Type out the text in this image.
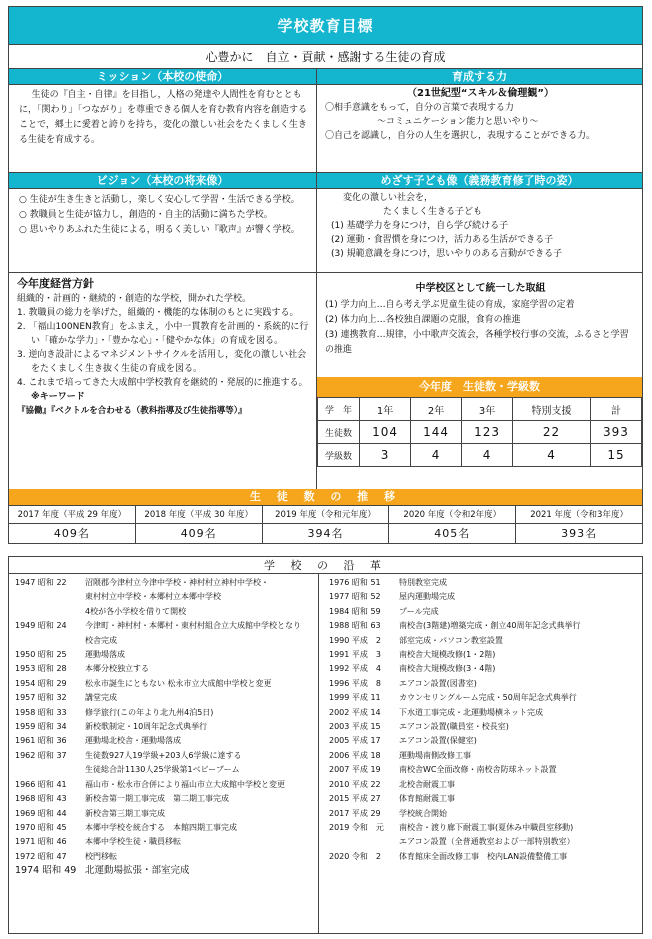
学校教育目標
心豊かに　自立・貢献・感謝する生徒の育成
ミッション（本校の使命）
生徒の『自主・自律』を目指し，人格の発達や人間性を育むとともに，「関わり」「つながり」を尊重できる個人を育む教育内容を創造することで，郷土に愛着と誇りを持ち，変化の激しい社会をたくましく生きる生徒を育成する。
育成する力
（21世紀型“スキル＆倫理観”）
〇相手意識をもって，自分の言葉で表現する力
〜コミュニケーション能力と思いやり〜
〇自己を認識し，自分の人生を選択し，表現することができる力。
ビジョン（本校の将来像）
○ 生徒が生き生きと活動し，楽しく安心して学習・生活できる学校。
○ 教職員と生徒が協力し，創造的・自主的活動に満ちた学校。
○ 思いやりあふれた生徒による，明るく美しい『歌声』が響く学校。
めざす子ども像（義務教育修了時の姿）
変化の激しい社会を，
たくましく生きる子ども
(1) 基礎学力を身につけ，自ら学び続ける子
(2) 運動・食習慣を身につけ，活力ある生活ができる子
(3) 規範意識を身につけ，思いやりのある言動ができる子
今年度経営方針
組織的・計画的・継続的・創造的な学校，開かれた学校。
1. 教職員の総力を挙げた，組織的・機能的な体制のもとに実践する。
2. 「福山100NEN教育」をふまえ，小中一貫教育を計画的・系統的に行い「確かな学力」・「豊かな心」・「健やかな体」の育成を図る。
3. 逆向き設計によるマネジメントサイクルを活用し，変化の激しい社会をたくましく生き抜く生徒の育成を図る。
4. これまで培ってきた大成館中学校教育を継続的・発展的に推進する。
※キーワード
『協働』『ベクトルを合わせる（教科指導及び生徒指導等）』
中学校区として統一した取組
(1) 学力向上…自ら考え学ぶ児童生徒の育成，家庭学習の定着
(2) 体力向上…各校独自課題の克服，食育の推進
(3) 連携教育…規律，小中歌声交流会，各種学校行事の交流，ふるさと学習の推進
今年度　生徒数・学級数
学　年	1年	2年	3年	特別支援	計
生徒数	104	144	123	22	393
学級数	3	4	4	4	15
生 徒 数 の 推 移
2017 年度（平成 29 年度）
409名
2018 年度（平成 30 年度）
409名
2019 年度（令和元年度）
394名
2020 年度（令和2年度）
405名
2021 年度（令和3年度）
393名
学 校 の 沿 革
1947 昭和 22	沼隈郡今津村立今津中学校・神村村立神村中学校・
東村村立中学校・本郷村立本郷中学校
4校が各小学校を借りて開校
1949 昭和 24	今津町・神村村・本郷村・東村村組合立大成館中学校となり
校舎完成
1950 昭和 25	運動場落成
1953 昭和 28	本郷分校独立する
1954 昭和 29	松永市誕生にともない 松永市立大成館中学校と変更
1957 昭和 32	講堂完成
1958 昭和 33	修学旅行(この年より北九州4泊5日)
1959 昭和 34	新校歌制定・10周年記念式典挙行
1961 昭和 36	運動場北校舎・運動場落成
1962 昭和 37	生徒数927人19学級+203人6学級に達する
生徒総合計1130人25学級第1ベビーブーム
1966 昭和 41	福山市・松永市合併により福山市立大成館中学校と変更
1968 昭和 43	新校舎第一期工事完成　第二期工事完成
1969 昭和 44	新校舎第三期工事完成
1970 昭和 45	本郷中学校を統合する　本館四期工事完成
1971 昭和 46	本郷中学校生徒・職員移転
1972 昭和 47	校門移転
1974 昭和 49 北運動場拡張・部室完成
1976 昭和 51	特別教室完成
1977 昭和 52	屋内運動場完成
1984 昭和 59	プール完成
1988 昭和 63	南校舎(3階建)増築完成・創立40周年記念式典挙行
1990 平成　2	部室完成・パソコン教室設置
1991 平成　3	南校舎大規模改修(1・2階)
1992 平成　4	南校舎大規模改修(3・4階)
1996 平成　8	エアコン設置(図書室)
1999 平成 11	カウンセリングルーム完成・50周年記念式典挙行
2002 平成 14	下水道工事完成・北運動場横ネット完成
2003 平成 15	エアコン設置(職員室・校長室)
2005 平成 17	エアコン設置(保健室)
2006 平成 18	運動場南側改修工事
2007 平成 19	南校舎WC全面改修・南校舎防球ネット設置
2010 平成 22	北校舎耐震工事
2015 平成 27	体育館耐震工事
2017 平成 29	学校統合開始
2019 令和　元	南校舎・渡り廊下耐震工事(夏休み中職員室移動)
エアコン設置（全普通教室および一部特別教室）
2020 令和　2	体育館床全面改修工事　校内LAN設備整備工事
